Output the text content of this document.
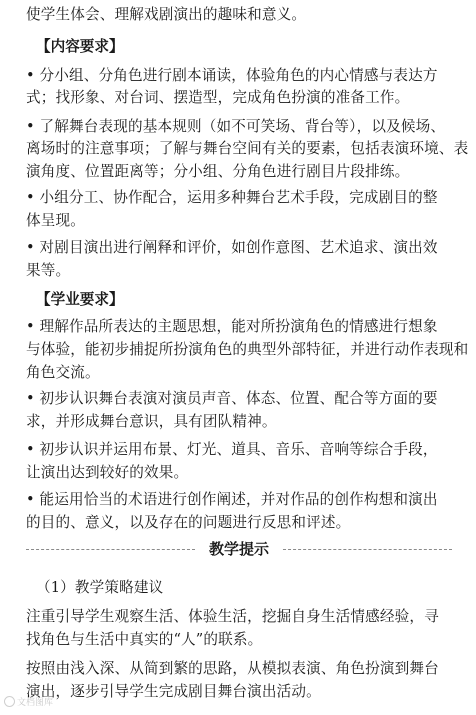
使学生体会、理解戏剧演出的趣味和意义。
【内容要求】
• 分小组、分角色进行剧本诵读，体验角色的内心情感与表达方
式；找形象、对台词、摆造型，完成角色扮演的准备工作。
• 了解舞台表现的基本规则（如不可笑场、背台等），以及候场、
离场时的注意事项；了解与舞台空间有关的要素，包括表演环境、表
演角度、位置距离等；分小组、分角色进行剧目片段排练。
• 小组分工、协作配合，运用多种舞台艺术手段，完成剧目的整
体呈现。
• 对剧目演出进行阐释和评价，如创作意图、艺术追求、演出效
果等。
【学业要求】
• 理解作品所表达的主题思想，能对所扮演角色的情感进行想象
与体验，能初步捕捉所扮演角色的典型外部特征，并进行动作表现和
角色交流。
• 初步认识舞台表演对演员声音、体态、位置、配合等方面的要
求，并形成舞台意识，具有团队精神。
• 初步认识并运用布景、灯光、道具、音乐、音响等综合手段，
让演出达到较好的效果。
• 能运用恰当的术语进行创作阐述，并对作品的创作构想和演出
的目的、意义，以及存在的问题进行反思和评述。
教学提示
（1）教学策略建议
注重引导学生观察生活、体验生活，挖掘自身生活情感经验，寻
找角色与生活中真实的“人”的联系。
按照由浅入深、从简到繁的思路，从模拟表演、角色扮演到舞台
演出，逐步引导学生完成剧目舞台演出活动。
文档图库
